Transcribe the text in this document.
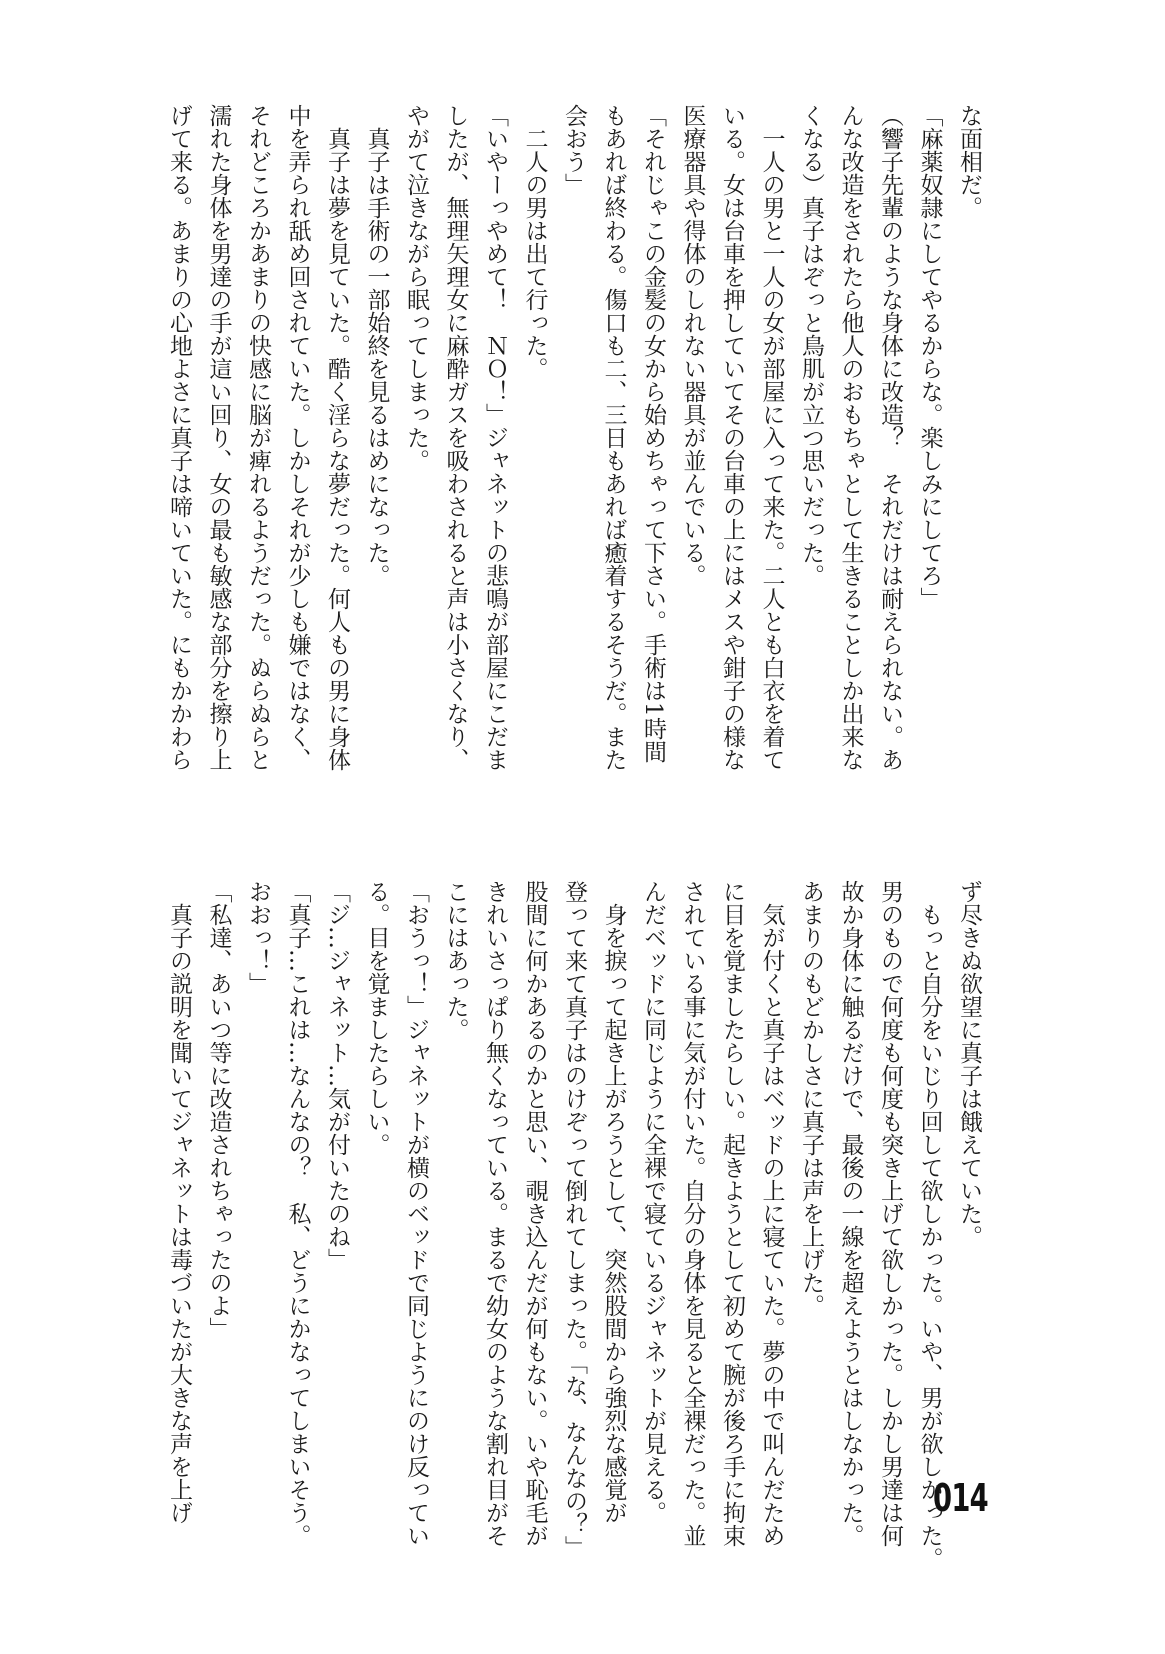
な面相だ。
「麻薬奴隷にしてやるからな。楽しみにしてろ」
（響子先輩のような身体に改造？　それだけは耐えられない。あ
んな改造をされたら他人のおもちゃとして生きることしか出来な
くなる）真子はぞっと鳥肌が立つ思いだった。
　一人の男と一人の女が部屋に入って来た。二人とも白衣を着て
いる。女は台車を押していてその台車の上にはメスや鉗子の様な
医療器具や得体のしれない器具が並んでいる。
「それじゃこの金髪の女から始めちゃって下さい。手術は1時間
もあれば終わる。傷口も二、三日もあれば癒着するそうだ。また
会おう」
　二人の男は出て行った。
「いやーっやめて！　ＮＯ！」ジャネットの悲鳴が部屋にこだま
したが、無理矢理女に麻酔ガスを吸わされると声は小さくなり、
やがて泣きながら眠ってしまった。
　真子は手術の一部始終を見るはめになった。
　真子は夢を見ていた。酷く淫らな夢だった。何人もの男に身体
中を弄られ舐め回されていた。しかしそれが少しも嫌ではなく、
それどころかあまりの快感に脳が痺れるようだった。ぬらぬらと
濡れた身体を男達の手が這い回り、女の最も敏感な部分を擦り上
げて来る。あまりの心地よさに真子は啼いていた。にもかかわら
ず尽きぬ欲望に真子は餓えていた。
　もっと自分をいじり回して欲しかった。いや、男が欲しかった。
男のもので何度も何度も突き上げて欲しかった。しかし男達は何
故か身体に触るだけで、最後の一線を超えようとはしなかった。
あまりのもどかしさに真子は声を上げた。
　気が付くと真子はベッドの上に寝ていた。夢の中で叫んだため
に目を覚ましたらしい。起きようとして初めて腕が後ろ手に拘束
されている事に気が付いた。自分の身体を見ると全裸だった。並
んだベッドに同じように全裸で寝ているジャネットが見える。
　身を捩って起き上がろうとして、突然股間から強烈な感覚が
登って来て真子はのけぞって倒れてしまった。「な、なんなの？」
股間に何かあるのかと思い、覗き込んだが何もない。いや恥毛が
きれいさっぱり無くなっている。まるで幼女のような割れ目がそ
こにはあった。
「おうっ！」ジャネットが横のベッドで同じようにのけ反ってい
る。目を覚ましたらしい。
「ジ…ジャネット…気が付いたのね」
「真子…これは…なんなの？　私、どうにかなってしまいそう。
おおっ！」
「私達、あいつ等に改造されちゃったのよ」
　真子の説明を聞いてジャネットは毒づいたが大きな声を上げ	014
